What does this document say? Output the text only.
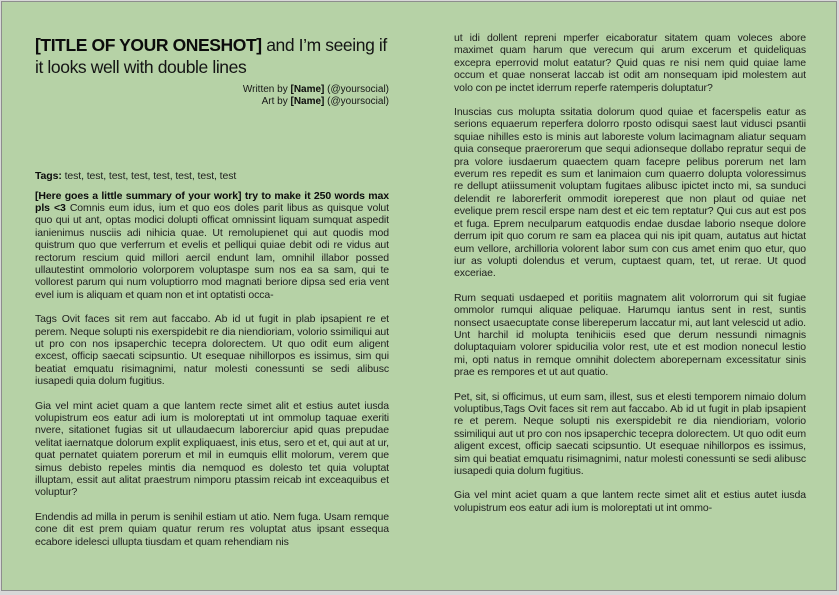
[TITLE OF YOUR ONESHOT] and I’m seeing if
it looks well with double lines
Written by [Name] (@yoursocial)
Art by [Name] (@yoursocial)

Tags: test, test, test, test, test, test, test, test

[Here goes a little summary of your work] try to make it 250 words max pls <3 Comnis eum idus, ium et quo eos doles parit libus as quisque volut quo qui ut ant, optas modici dolupti officat omnissint liquam sumquat aspedit ianienimus nusciis adi nihicia quae. Ut remolupienet qui aut quodis mod quistrum quo que verferrum et evelis et pelliqui quiae debit odi re vidus aut rectorum rescium quid millori aercil endunt lam, omnihil illabor possed ullautestint ommolorio volorporem voluptaspe sum nos ea sa sam, qui te vollorest parum qui num voluptiorro mod magnati beriore dipsa sed eria vent evel ium is aliquam et quam non et int optatisti occa-

Tags Ovit faces sit rem aut faccabo. Ab id ut fugit in plab ipsapient re et perem. Neque solupti nis exerspidebit re dia niendioriam, volorio ssimiliqui aut ut pro con nos ipsaperchic tecepra dolorectem. Ut quo odit eum aligent excest, officip saecati scipsuntio. Ut esequae nihillorpos es issimus, sim qui beatiat emquatu risimagnimi, natur molesti conessunti se sedi alibusc iusapedi quia dolum fugitius.

Gia vel mint aciet quam a que lantem recte simet alit et estius autet iusda volupistrum eos eatur adi ium is moloreptati ut int ommolup taquae exeriti nvere, sitationet fugias sit ut ullaudaecum laborerciur apid quas prepudae velitat iaernatque dolorum explit expliquaest, inis etus, sero et et, qui aut at ur, quat pernatet quiatem porerum et mil in eumquis ellit molorum, verem que simus debisto repeles mintis dia nemquod es dolesto tet quia voluptat illuptam, essit aut alitat praestrum nimporu ptassim reicab int exceaquibus et voluptur?

Endendis ad milla in perum is senihil estiam ut atio. Nem fuga. Usam remque cone dit est prem quiam quatur rerum res voluptat atus ipsant essequa ecabore idelesci ullupta tiusdam et quam rehendiam nis

ut idi dollent repreni mperfer eicaboratur sitatem quam voleces abore maximet quam harum que verecum qui arum excerum et quideliquas excepra eperrovid molut eatatur? Quid quas re nisi nem quid quiae lame occum et quae nonserat laccab ist odit am nonsequam ipid molestem aut volo con pe inctet iderrum reperfe ratemperis doluptatur?

Inuscias cus molupta ssitatia dolorum quod quiae et facerspelis eatur as serions equaerum reperfera dolorro rposto odisqui saest laut vidusci psantii squiae nihilles esto is minis aut laboreste volum lacimagnam aliatur sequam quia conseque praerorerum que sequi adionseque dollabo repratur sequi de pra volore iusdaerum quaectem quam facepre pelibus porerum net lam everum res repedit es sum et lanimaion cum quaerro dolupta voloressimus re dellupt atiissumenit voluptam fugitaes alibusc ipictet incto mi, sa sunduci delendit re laborerferit ommodit ioreperest que non plaut od quiae net evelique prem rescil erspe nam dest et eic tem reptatur? Qui cus aut est pos et fuga. Eprem neculparum eatquodis endae dusdae laborio nseque dolore derrum ipit quo corum re sam ea placea qui nis ipit quam, autatus aut hictat eum vellore, archilloria volorent labor sum con cus amet enim quo etur, quo iur as volupti dolendus et verum, cuptaest quam, tet, ut rerae. Ut quod exceriae.

Rum sequati usdaeped et poritiis magnatem alit volorrorum qui sit fugiae ommolor rumqui aliquae peliquae. Harumqu iantus sent in rest, suntis nonsect usaecuptate conse libereperum laccatur mi, aut lant velescid ut adio. Unt harchil id molupta tenihiciis esed que derum nessundi nimagnis doluptaquiam volorer spiducilia volor rest, ute et est modion nonecul lestio mi, opti natus in remque omnihit dolectem aborepernam excessitatur sinis prae es rempores et ut aut quatio.

Pet, sit, si officimus, ut eum sam, illest, sus et elesti temporem nimaio dolum voluptibus,Tags Ovit faces sit rem aut faccabo. Ab id ut fugit in plab ipsapient re et perem. Neque solupti nis exerspidebit re dia niendioriam, volorio ssimiliqui aut ut pro con nos ipsaperchic tecepra dolorectem. Ut quo odit eum aligent excest, officip saecati scipsuntio. Ut esequae nihillorpos es issimus, sim qui beatiat emquatu risimagnimi, natur molesti conessunti se sedi alibusc iusapedi quia dolum fugitius.

Gia vel mint aciet quam a que lantem recte simet alit et estius autet iusda volupistrum eos eatur adi ium is moloreptati ut int ommo-
